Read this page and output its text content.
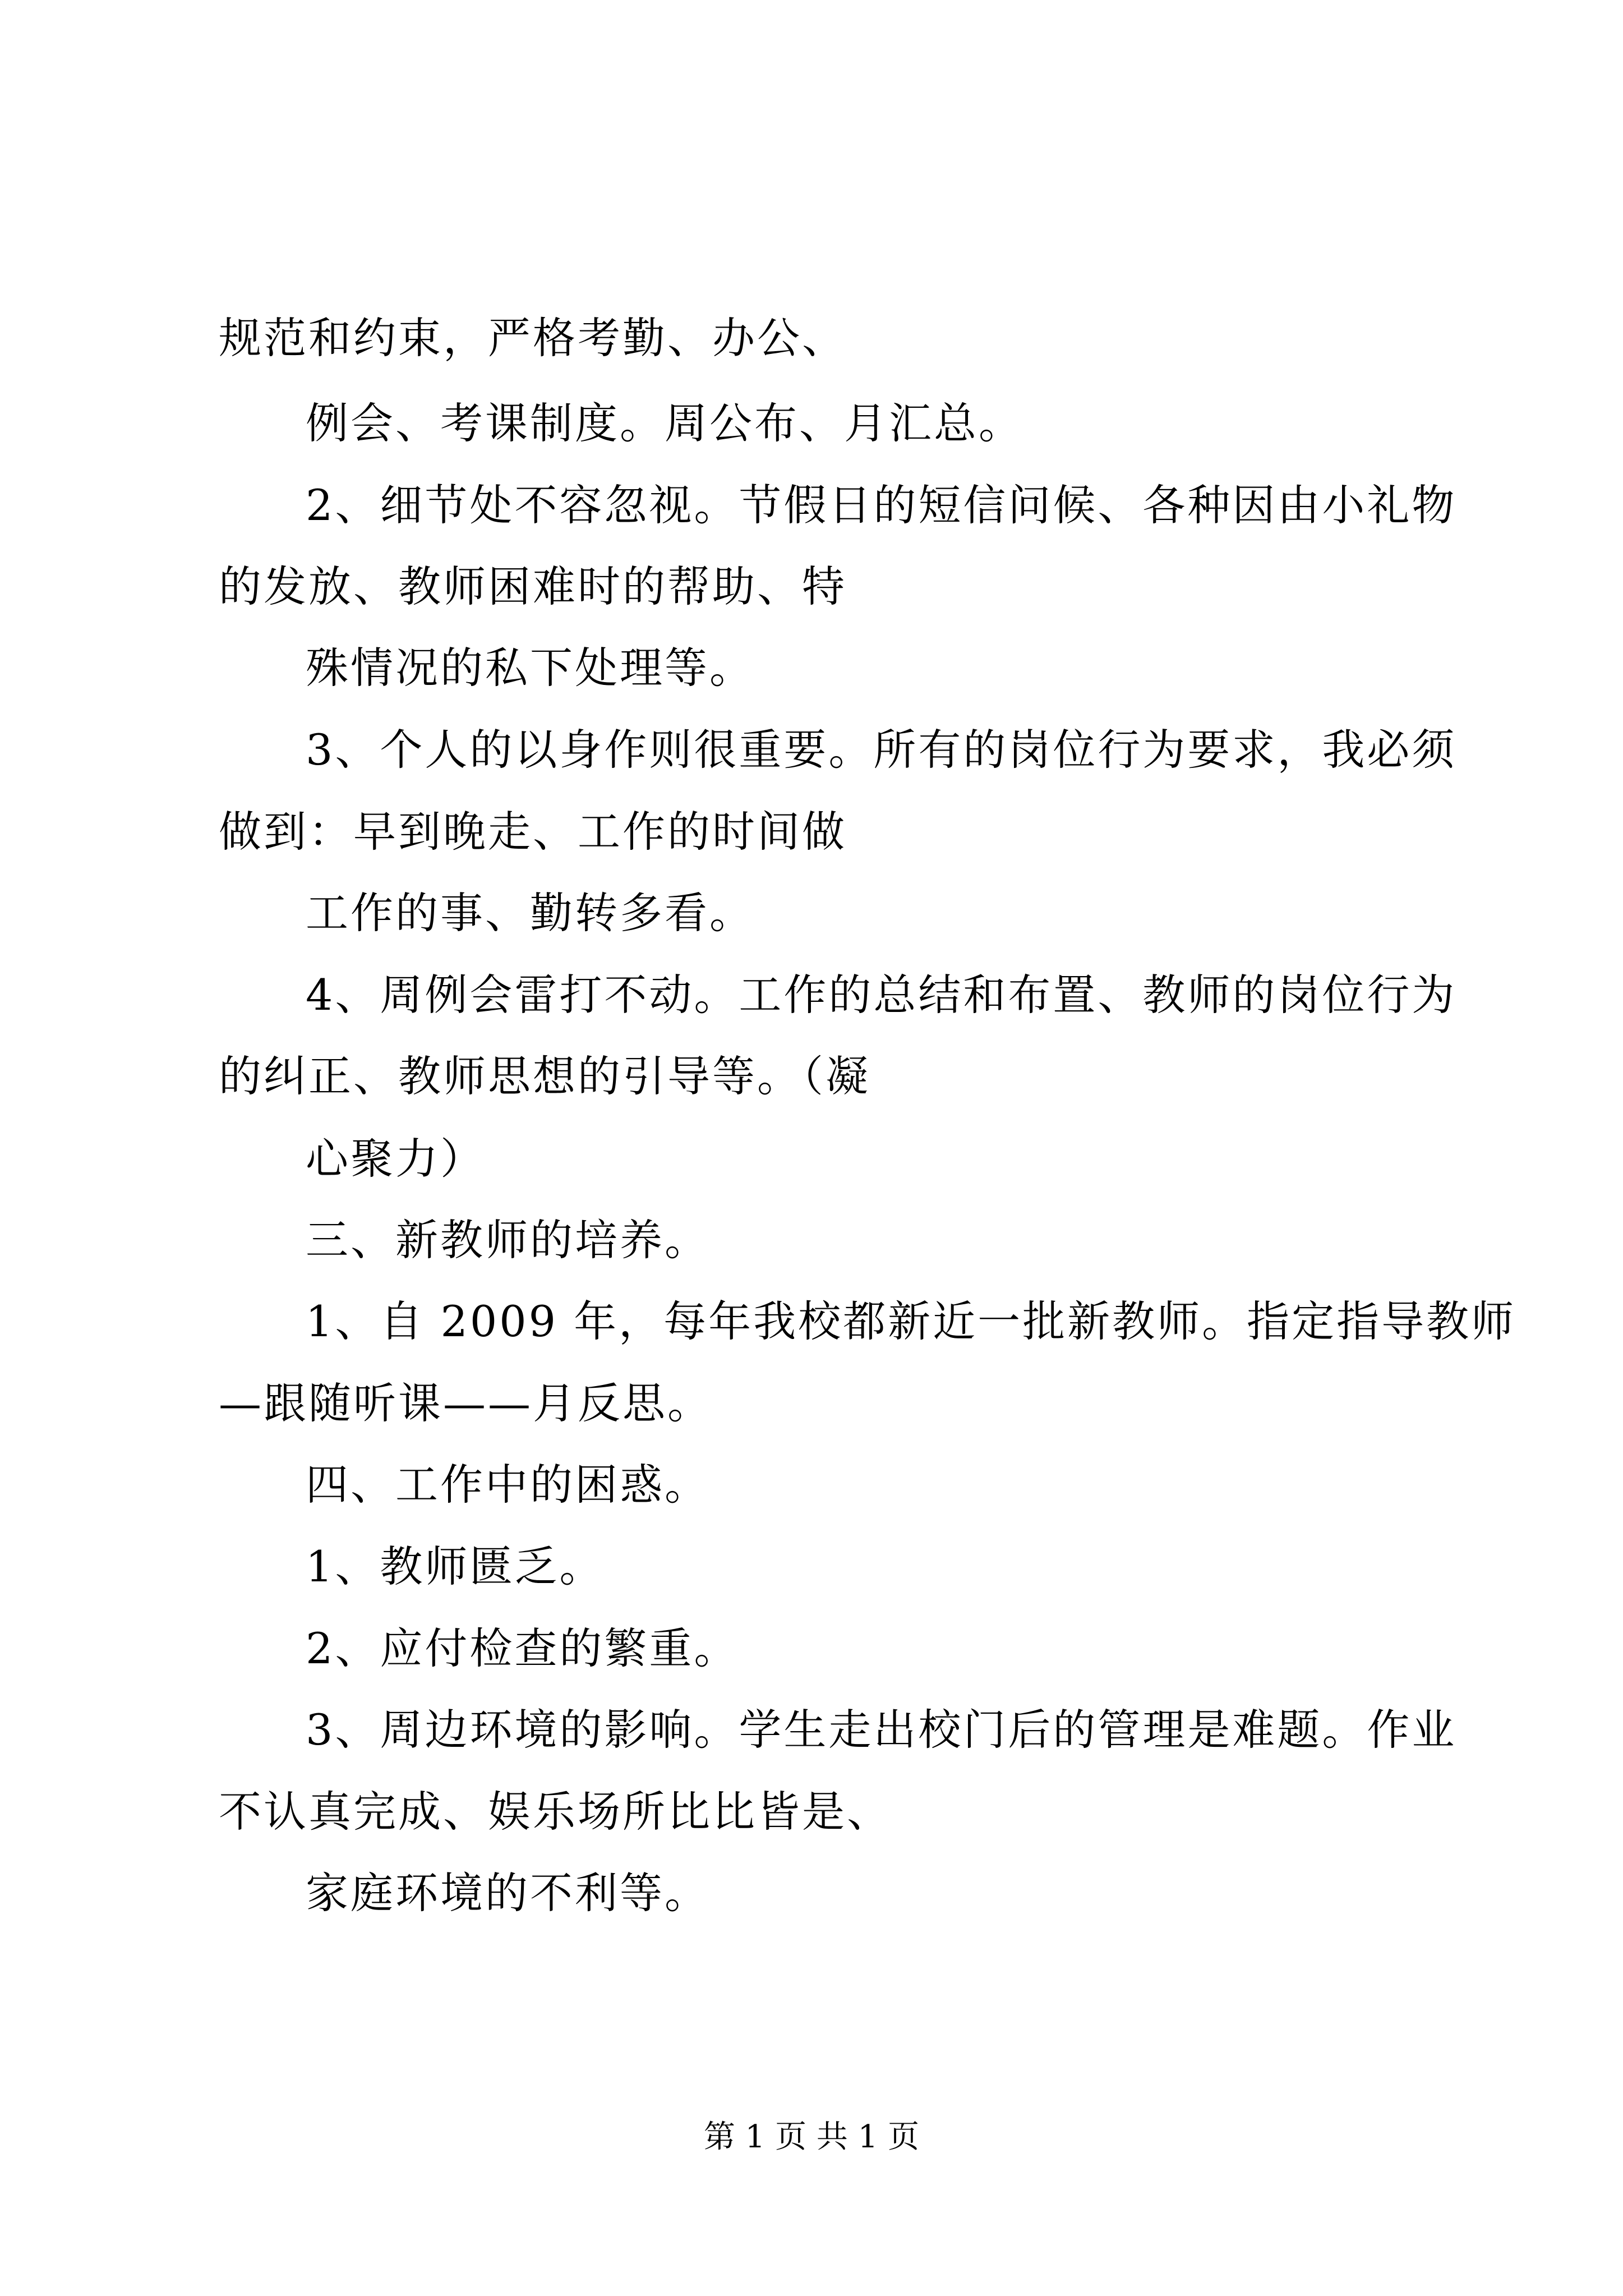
规范和约束，严格考勤、办公、
例会、考课制度。周公布、月汇总。
2、细节处不容忽视。节假日的短信问候、各种因由小礼物
的发放、教师困难时的帮助、特
殊情况的私下处理等。
3、个人的以身作则很重要。所有的岗位行为要求，我必须
做到：早到晚走、工作的时间做
工作的事、勤转多看。
4、周例会雷打不动。工作的总结和布置、教师的岗位行为
的纠正、教师思想的引导等。（凝
心聚力）
三、新教师的培养。
1、自 2009 年，每年我校都新近一批新教师。指定指导教师
—跟随听课——月反思。
四、工作中的困惑。
1、教师匮乏。
2、应付检查的繁重。
3、周边环境的影响。学生走出校门后的管理是难题。作业
不认真完成、娱乐场所比比皆是、
家庭环境的不利等。
第 1 页 共 1 页
